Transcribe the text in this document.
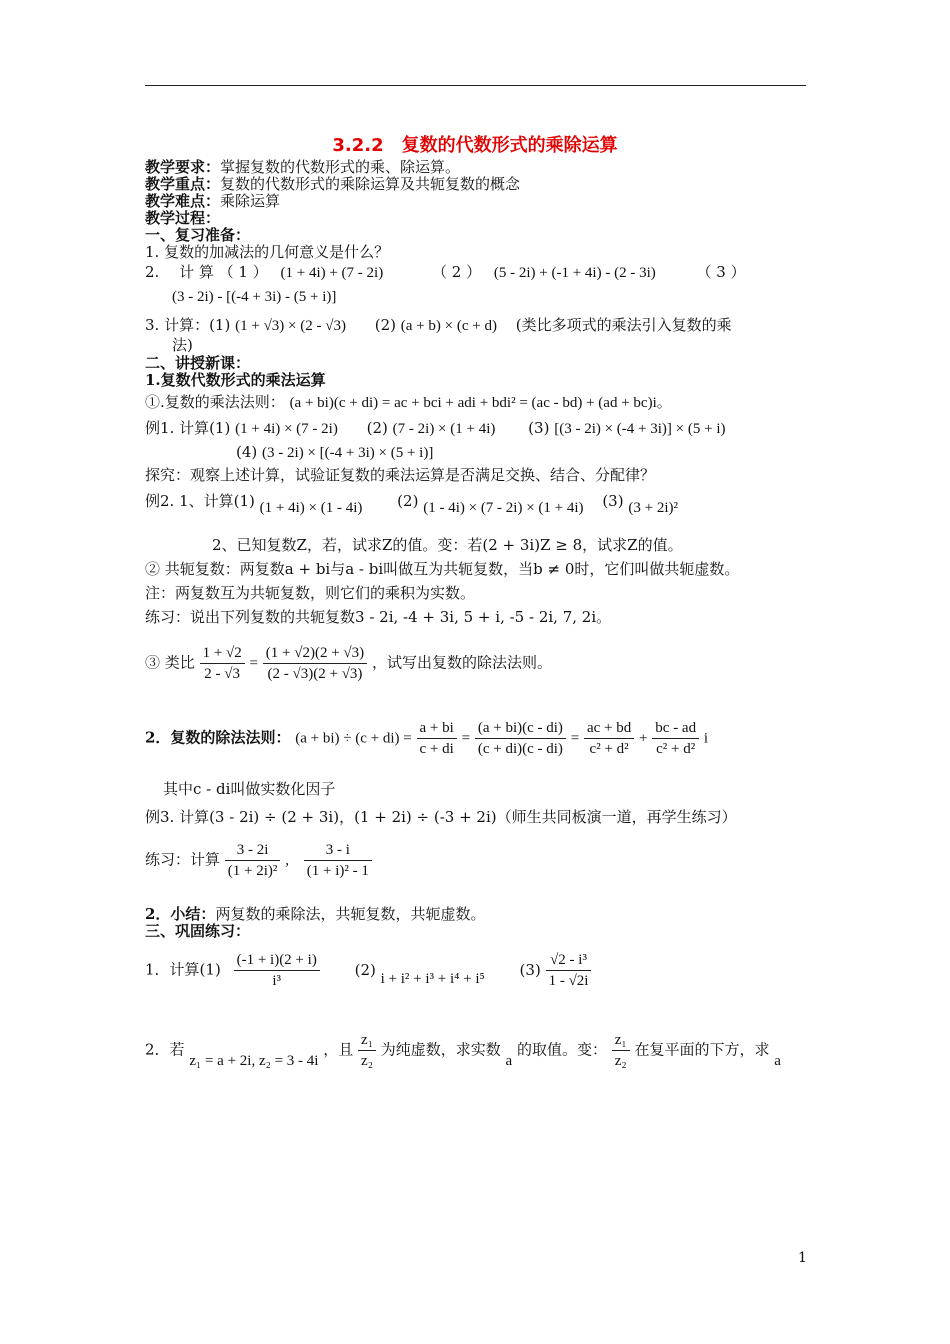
3.2.2　复数的代数形式的乘除运算
教学要求：掌握复数的代数形式的乘、除运算。
教学重点：复数的代数形式的乘除运算及共轭复数的概念
教学难点：乘除运算
教学过程：
一、复习准备：
1. 复数的加减法的几何意义是什么？
2.　 计 算 （ 1 ） (1 + 4i) + (7 - 2i)	（ 2 ） (5 - 2i) + (-1 + 4i) - (2 - 3i)	（ 3 ）
(3 - 2i) - [(-4 + 3i) - (5 + i)]
3. 计算：(1) (1 + √3) × (2 - √3) (2) (a + b) × (c + d) (类比多项式的乘法引入复数的乘
法)
二、讲授新课：
1.复数代数形式的乘法运算
①.复数的乘法法则： (a + bi)(c + di) = ac + bci + adi + bdi² = (ac - bd) + (ad + bc)i。
例1. 计算(1) (1 + 4i) × (7 - 2i) (2) (7 - 2i) × (1 + 4i) (3) [(3 - 2i) × (-4 + 3i)] × (5 + i)
(4) (3 - 2i) × [(-4 + 3i) × (5 + i)]
探究：观察上述计算，试验证复数的乘法运算是否满足交换、结合、分配律？
例2. 1、计算(1) (1 + 4i) × (1 - 4i) (2) (1 - 4i) × (7 - 2i) × (1 + 4i) (3) (3 + 2i)²
2、已知复数Z，若，试求Z的值。变：若(2 + 3i)Z ≥ 8，试求Z的值。
② 共轭复数：两复数a + bi与a - bi叫做互为共轭复数，当b ≠ 0时，它们叫做共轭虚数。
注：两复数互为共轭复数，则它们的乘积为实数。
练习：说出下列复数的共轭复数3 - 2i, -4 + 3i, 5 + i, -5 - 2i, 7, 2i。
③ 类比 $\frac{1 + √2}{2 - √3} = \frac{(1 + √2)(2 + √3)}{(2 - √3)(2 + √3)}$ ，试写出复数的除法法则。
2．复数的除法法则： $(a + bi) \div (c + di) = \frac{a + bi}{c + di} = \frac{(a + bi)(c - di)}{(c + di)(c - di)} = \frac{ac + bd}{\text{c² + d²}} + \frac{bc - ad}{\text{c² + d²}}$ i
其中c - di叫做实数化因子
例3. 计算(3 - 2i) ÷ (2 + 3i)，(1 + 2i) ÷ (-3 + 2i)（师生共同板演一道，再学生练习）
练习：计算 $\frac{3 - 2i}{\text{(1 + 2i)²}}$ , $\frac{3 - i}{\text{(1 + i)² - 1}}$
2．小结：两复数的乘除法，共轭复数，共轭虚数。
三、巩固练习：
1．计算$(1) \frac{(-1 + i)(2 + i)}{\text{i³}} (2) i + i^2 + i^3 + i^4 + i^5$ $(3) \frac{\text{√2 - i³}}{1 - √2i}$
2．若 z₁ = a + 2i, z₂ = 3 - 4i ，且 $\frac{\text{z₁}}{\text{z₂}}$ 为纯虚数，求实数 a 的取值。变： $\frac{\text{z₁}}{\text{z₂}}$ 在复平面的下方，求 a
1
